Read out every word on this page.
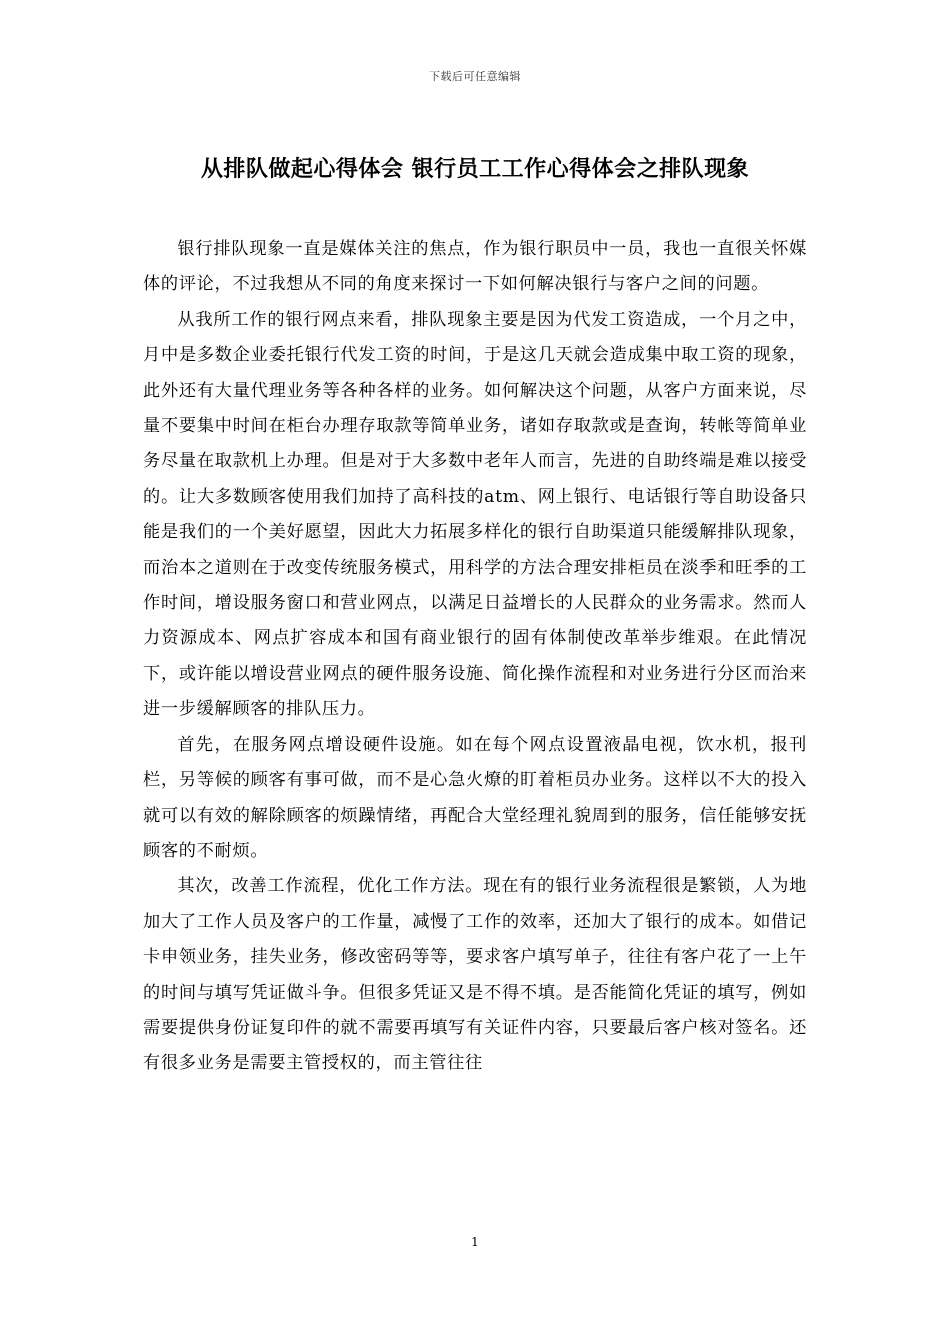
下载后可任意编辑
从排队做起心得体会 银行员工工作心得体会之排队现象

银行排队现象一直是媒体关注的焦点，作为银行职员中一员，我也一直很关怀媒体的评论，不过我想从不同的角度来探讨一下如何解决银行与客户之间的问题。

从我所工作的银行网点来看，排队现象主要是因为代发工资造成，一个月之中，月中是多数企业委托银行代发工资的时间，于是这几天就会造成集中取工资的现象，此外还有大量代理业务等各种各样的业务。如何解决这个问题，从客户方面来说，尽量不要集中时间在柜台办理存取款等简单业务，诸如存取款或是查询，转帐等简单业务尽量在取款机上办理。但是对于大多数中老年人而言，先进的自助终端是难以接受的。让大多数顾客使用我们加持了高科技的atm、网上银行、电话银行等自助设备只能是我们的一个美好愿望，因此大力拓展多样化的银行自助渠道只能缓解排队现象，而治本之道则在于改变传统服务模式，用科学的方法合理安排柜员在淡季和旺季的工作时间，增设服务窗口和营业网点，以满足日益增长的人民群众的业务需求。然而人力资源成本、网点扩容成本和国有商业银行的固有体制使改革举步维艰。在此情况下，或许能以增设营业网点的硬件服务设施、简化操作流程和对业务进行分区而治来进一步缓解顾客的排队压力。

首先，在服务网点增设硬件设施。如在每个网点设置液晶电视，饮水机，报刊栏，另等候的顾客有事可做，而不是心急火燎的盯着柜员办业务。这样以不大的投入就可以有效的解除顾客的烦躁情绪，再配合大堂经理礼貌周到的服务，信任能够安抚顾客的不耐烦。

其次，改善工作流程，优化工作方法。现在有的银行业务流程很是繁锁，人为地加大了工作人员及客户的工作量，减慢了工作的效率，还加大了银行的成本。如借记卡申领业务，挂失业务，修改密码等等，要求客户填写单子，往往有客户花了一上午的时间与填写凭证做斗争。但很多凭证又是不得不填。是否能简化凭证的填写，例如需要提供身份证复印件的就不需要再填写有关证件内容，只要最后客户核对签名。还有很多业务是需要主管授权的，而主管往往

1
